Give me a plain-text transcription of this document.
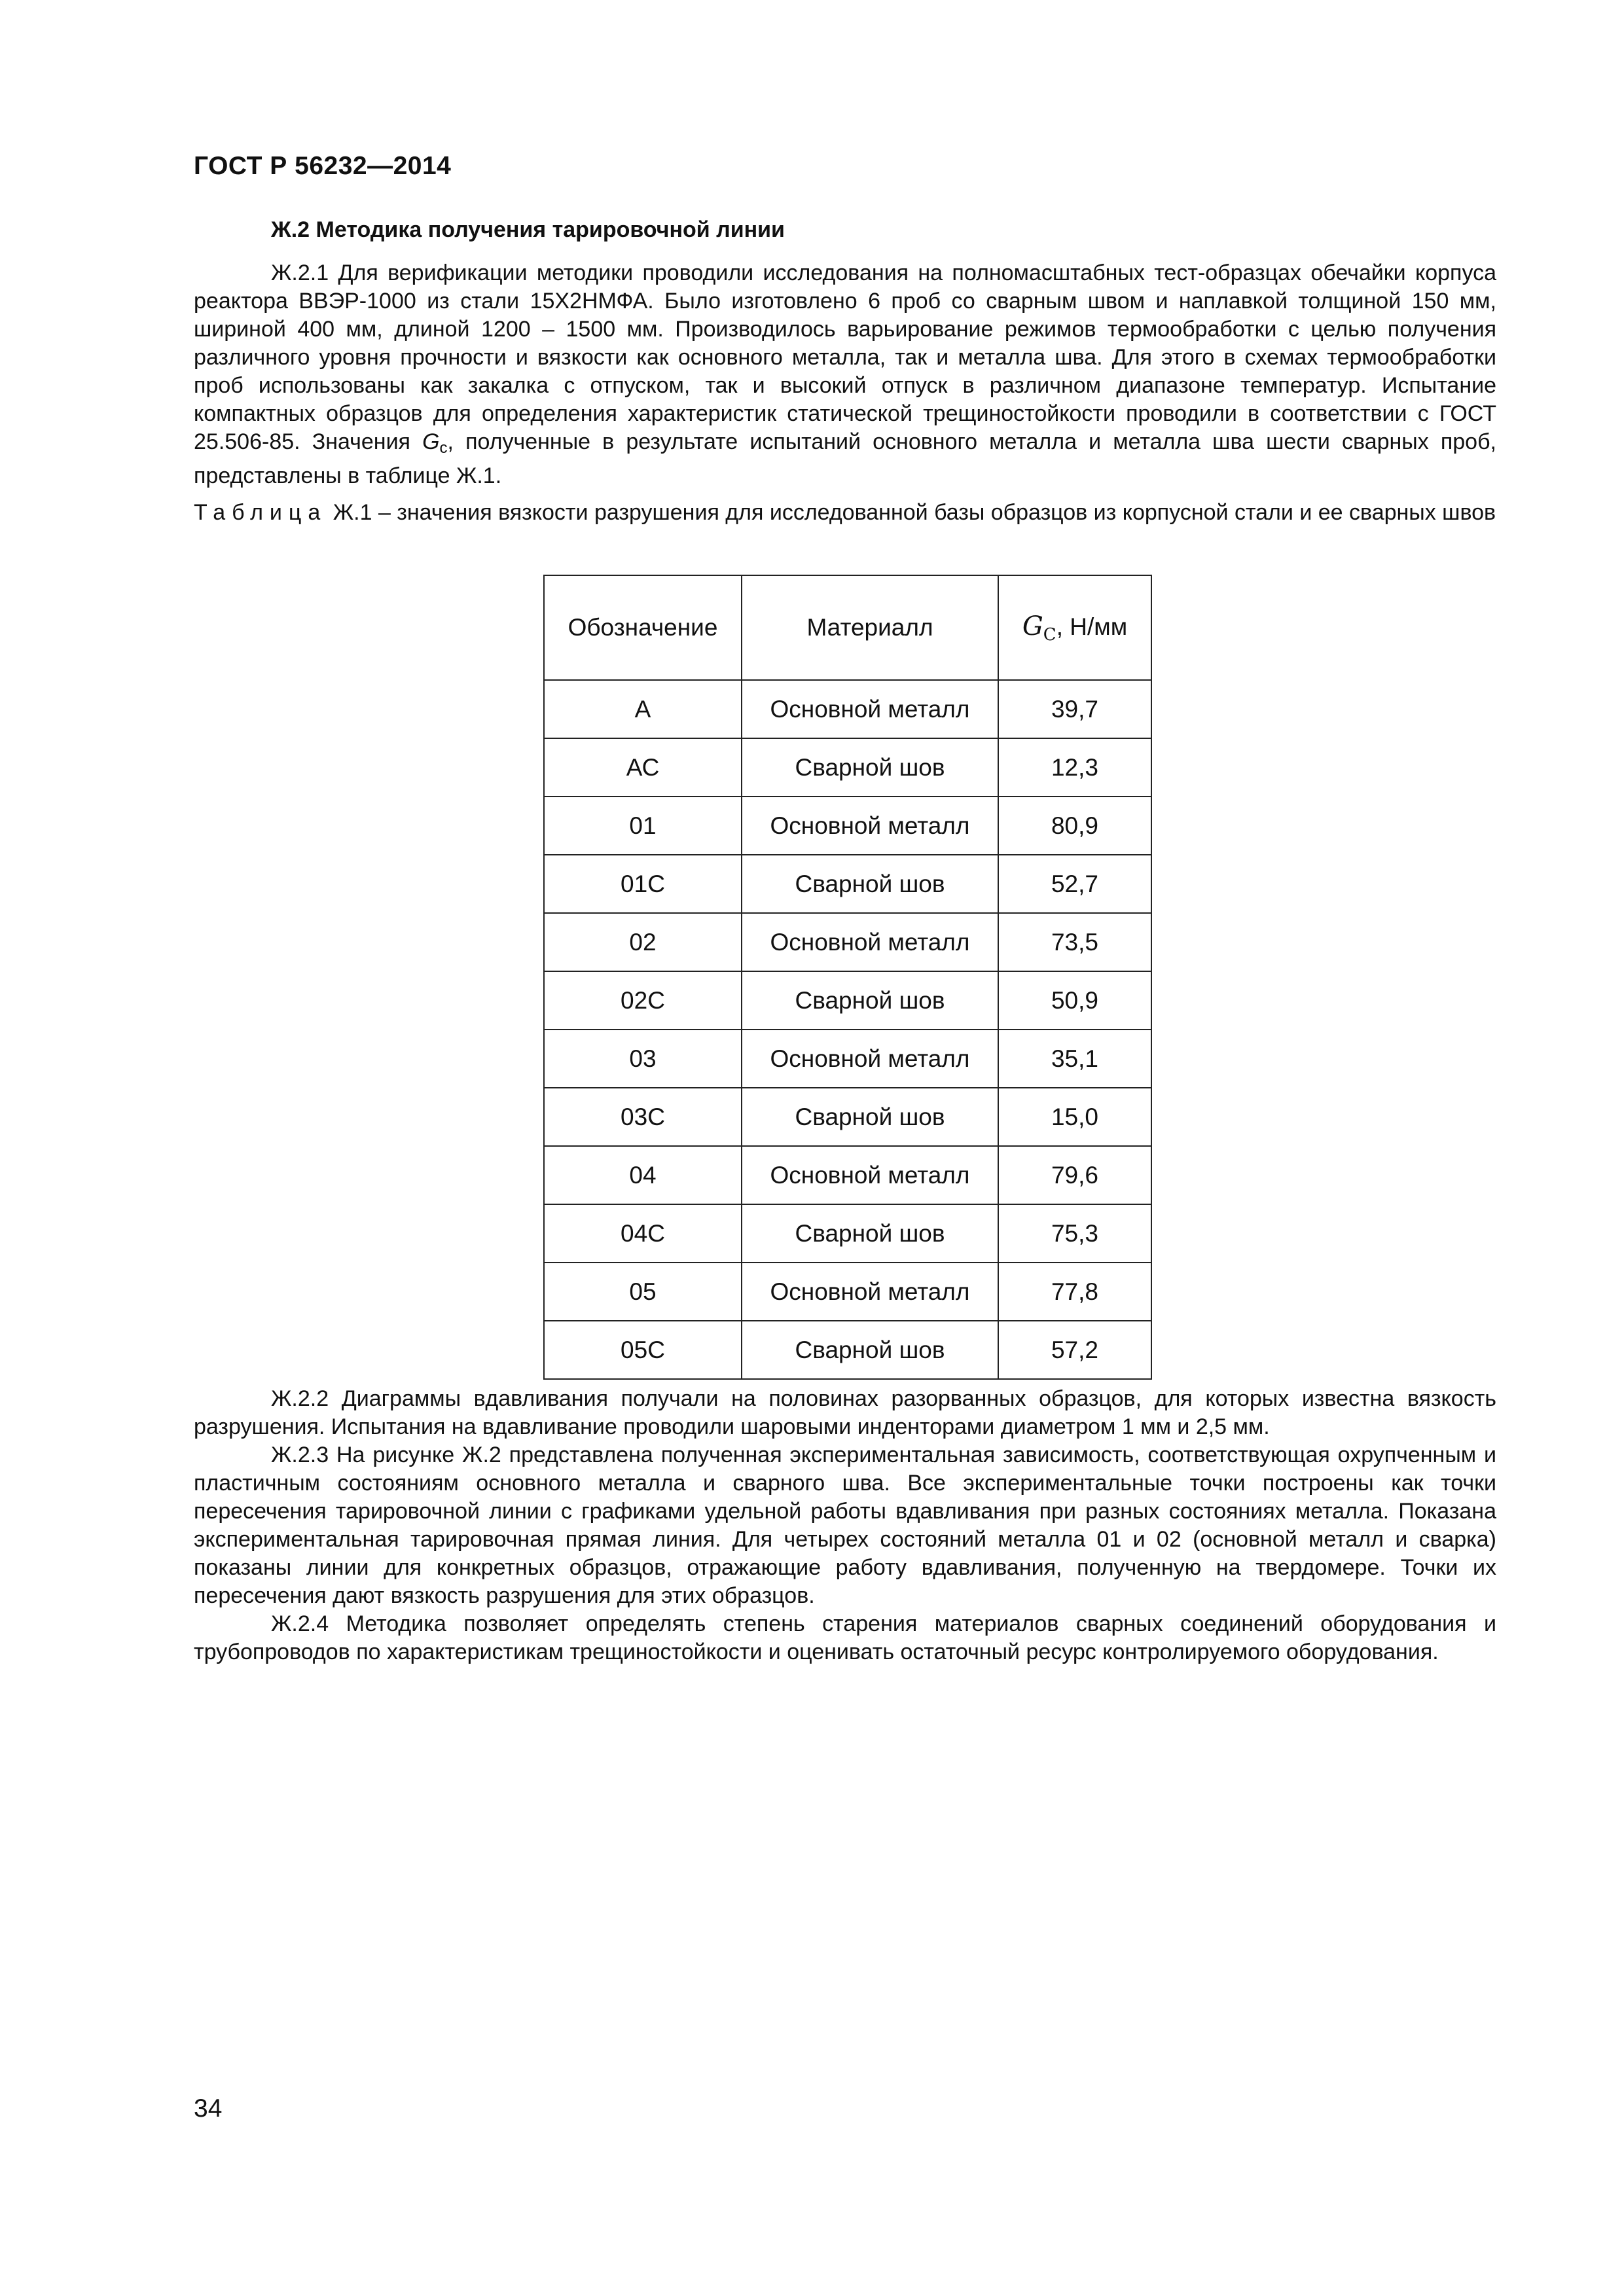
ГОСТ Р 56232—2014
Ж.2 Методика получения тарировочной линии
Ж.2.1 Для верификации методики проводили исследования на полномасштабных тест-образцах обечайки корпуса реактора ВВЭР-1000 из стали 15Х2НМФА. Было изготовлено 6 проб со сварным швом и наплавкой толщиной 150 мм, шириной 400 мм, длиной 1200 – 1500 мм. Производилось варьирование режимов термообработки с целью получения различного уровня прочности и вязкости как основного металла, так и металла шва. Для этого в схемах термообработки проб использованы как закалка с отпуском, так и высокий отпуск в различном диапазоне температур. Испытание компактных образцов для определения характеристик статической трещиностойкости проводили в соответствии с ГОСТ 25.506-85. Значения $G_c$, полученные в результате испытаний основного металла и металла шва шести сварных проб, представлены в таблице Ж.1.
Таблица Ж.1 – значения вязкости разрушения для исследованной базы образцов из корпусной стали и ее сварных швов
Обозначение	Материалл	$G_C$, Н/мм
А	Основной металл	39,7
АС	Сварной шов	12,3
01	Основной металл	80,9
01С	Сварной шов	52,7
02	Основной металл	73,5
02С	Сварной шов	50,9
03	Основной металл	35,1
03С	Сварной шов	15,0
04	Основной металл	79,6
04С	Сварной шов	75,3
05	Основной металл	77,8
05С	Сварной шов	57,2
Ж.2.2 Диаграммы вдавливания получали на половинах разорванных образцов, для которых известна вязкость разрушения. Испытания на вдавливание проводили шаровыми инденторами диаметром 1 мм и 2,5 мм.
Ж.2.3 На рисунке Ж.2 представлена полученная экспериментальная зависимость, соответствующая охрупченным и пластичным состояниям основного металла и сварного шва. Все экспериментальные точки построены как точки пересечения тарировочной линии с графиками удельной работы вдавливания при разных состояниях металла. Показана экспериментальная тарировочная прямая линия. Для четырех состояний металла 01 и 02 (основной металл и сварка) показаны линии для конкретных образцов, отражающие работу вдавливания, полученную на твердомере. Точки их пересечения дают вязкость разрушения для этих образцов.
Ж.2.4 Методика позволяет определять степень старения материалов сварных соединений оборудования и трубопроводов по характеристикам трещиностойкости и оценивать остаточный ресурс контролируемого оборудования.
34
